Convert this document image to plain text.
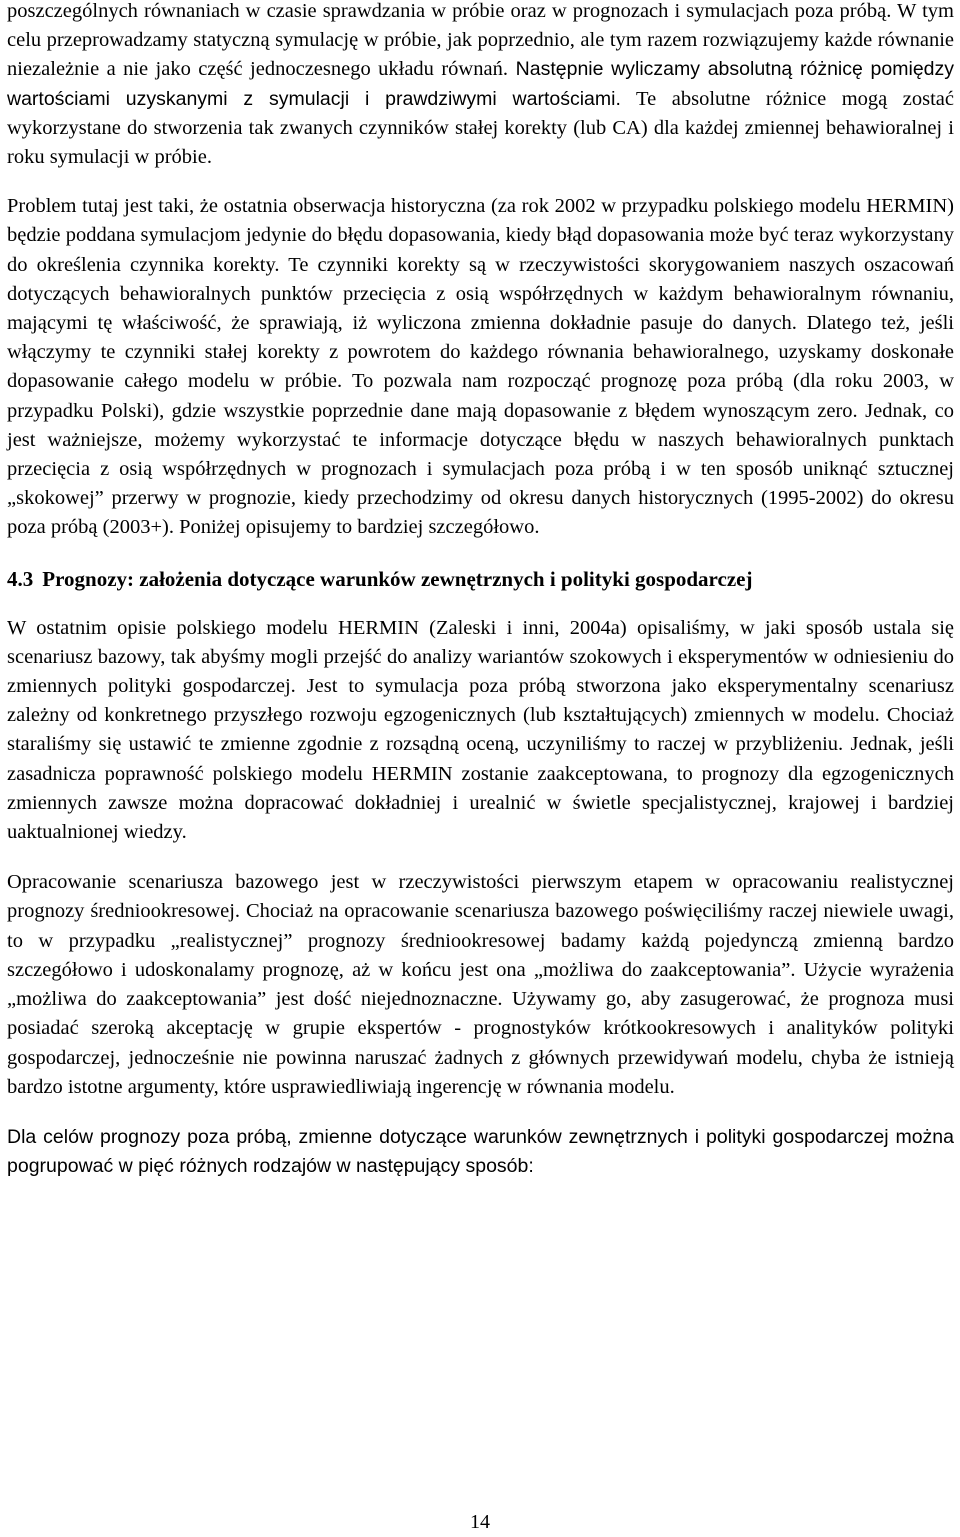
poszczególnych równaniach w czasie sprawdzania w próbie oraz w prognozach i symulacjach poza próbą. W tym celu przeprowadzamy statyczną symulację w próbie, jak poprzednio, ale tym razem rozwiązujemy każde równanie niezależnie a nie jako część jednoczesnego układu równań. Następnie wyliczamy absolutną różnicę pomiędzy wartościami uzyskanymi z symulacji i prawdziwymi wartościami. Te absolutne różnice mogą zostać wykorzystane do stworzenia tak zwanych czynników stałej korekty (lub CA) dla każdej zmiennej behawioralnej i roku symulacji w próbie.

Problem tutaj jest taki, że ostatnia obserwacja historyczna (za rok 2002 w przypadku polskiego modelu HERMIN) będzie poddana symulacjom jedynie do błędu dopasowania, kiedy błąd dopasowania może być teraz wykorzystany do określenia czynnika korekty. Te czynniki korekty są w rzeczywistości skorygowaniem naszych oszacowań dotyczących behawioralnych punktów przecięcia z osią współrzędnych w każdym behawioralnym równaniu, mającymi tę właściwość, że sprawiają, iż wyliczona zmienna dokładnie pasuje do danych. Dlatego też, jeśli włączymy te czynniki stałej korekty z powrotem do każdego równania behawioralnego, uzyskamy doskonałe dopasowanie całego modelu w próbie. To pozwala nam rozpocząć prognozę poza próbą (dla roku 2003, w przypadku Polski), gdzie wszystkie poprzednie dane mają dopasowanie z błędem wynoszącym zero. Jednak, co jest ważniejsze, możemy wykorzystać te informacje dotyczące błędu w naszych behawioralnych punktach przecięcia z osią współrzędnych w prognozach i symulacjach poza próbą i w ten sposób uniknąć sztucznej „skokowej” przerwy w prognozie, kiedy przechodzimy od okresu danych historycznych (1995-2002) do okresu poza próbą (2003+). Poniżej opisujemy to bardziej szczegółowo.

4.3 Prognozy: założenia dotyczące warunków zewnętrznych i polityki gospodarczej

W ostatnim opisie polskiego modelu HERMIN (Zaleski i inni, 2004a) opisaliśmy, w jaki sposób ustala się scenariusz bazowy, tak abyśmy mogli przejść do analizy wariantów szokowych i eksperymentów w odniesieniu do zmiennych polityki gospodarczej. Jest to symulacja poza próbą stworzona jako eksperymentalny scenariusz zależny od konkretnego przyszłego rozwoju egzogenicznych (lub kształtujących) zmiennych w modelu. Chociaż staraliśmy się ustawić te zmienne zgodnie z rozsądną oceną, uczyniliśmy to raczej w przybliżeniu. Jednak, jeśli zasadnicza poprawność polskiego modelu HERMIN zostanie zaakceptowana, to prognozy dla egzogenicznych zmiennych zawsze można dopracować dokładniej i urealnić w świetle specjalistycznej, krajowej i bardziej uaktualnionej wiedzy.

Opracowanie scenariusza bazowego jest w rzeczywistości pierwszym etapem w opracowaniu realistycznej prognozy średniookresowej. Chociaż na opracowanie scenariusza bazowego poświęciliśmy raczej niewiele uwagi, to w przypadku „realistycznej” prognozy średniookresowej badamy każdą pojedynczą zmienną bardzo szczegółowo i udoskonalamy prognozę, aż w końcu jest ona „możliwa do zaakceptowania”. Użycie wyrażenia „możliwa do zaakceptowania” jest dość niejednoznaczne. Używamy go, aby zasugerować, że prognoza musi posiadać szeroką akceptację w grupie ekspertów - prognostyków krótkookresowych i analityków polityki gospodarczej, jednocześnie nie powinna naruszać żadnych z głównych przewidywań modelu, chyba że istnieją bardzo istotne argumenty, które usprawiedliwiają ingerencję w równania modelu.

Dla celów prognozy poza próbą, zmienne dotyczące warunków zewnętrznych i polityki gospodarczej można pogrupować w pięć różnych rodzajów w następujący sposób:

14
